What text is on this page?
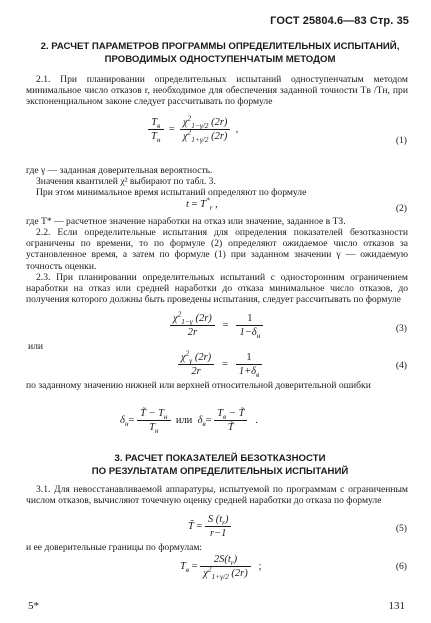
ГОСТ 25804.6—83 Стр. 35
2. РАСЧЕТ ПАРАМЕТРОВ ПРОГРАММЫ ОПРЕДЕЛИТЕЛЬНЫХ ИСПЫТАНИЙ,
ПРОВОДИМЫХ ОДНОСТУПЕНЧАТЫМ МЕТОДОМ
2.1. При планировании определительных испытаний одноступенчатым методом минимальное число отказов r, необходимое для обеспечения заданной точности Tв /Tн, при экспоненциальном законе следует рассчитывать по формуле
$\frac{T_в}{T_н} = \frac{\chi^2_{1-\gamma/2} (2r)}{\chi^2_{1+\gamma/2} (2r)}$ ,
(1)
где γ — заданная доверительная вероятность.
Значения квантилей χ² выбирают по табл. 3.
При этом минимальное время испытаний определяют по формуле
$t = T^*_r$ ,	(2)
где T* — расчетное значение наработки на отказ или значение, заданное в ТЗ.
2.2. Если определительные испытания для определения показателей безотказности ограничены по времени, то по формуле (2) определяют ожидаемое число отказов за установленное время, а затем по формуле (1) при заданном значении γ — ожидаемую точность оценки.
2.3. При планировании определительных испытаний с односторонним ограничением наработки на отказ или средней наработки до отказа минимальное число отказов, до получения которого должны быть проведены испытания, следует рассчитывать по формуле
$\frac{\chi^2_{1-\gamma} (2r)}{2r} = \frac{1}{1-\delta_н}$	(3)
или
$\frac{\chi^2_\gamma (2r)}{2r} = \frac{1}{1+\delta_в}$	(4)
по заданному значению нижней или верхней относительной доверительной ошибки
$\delta_н= \frac{T̃ - T_н}{T_н}$ или  $\delta_в= \frac{T_в - T̃}{T̃}$ .
3. РАСЧЕТ ПОКАЗАТЕЛЕЙ БЕЗОТКАЗНОСТИ
ПО РЕЗУЛЬТАТАМ ОПРЕДЕЛИТЕЛЬНЫХ ИСПЫТАНИЙ
3.1. Для невосстанавливаемой аппаратуры, испытуемой по программам с ограниченным числом отказов, вычисляют точечную оценку средней наработки до отказа по формуле
T̃ = $\frac{S (t_r)}{r-1}$	(5)
и ее доверительные границы по формулам:
$T_в = \frac{2S(t_r)}{\chi^2_{1+\gamma/2} (2r)}$ ;	(6)
5*	131
